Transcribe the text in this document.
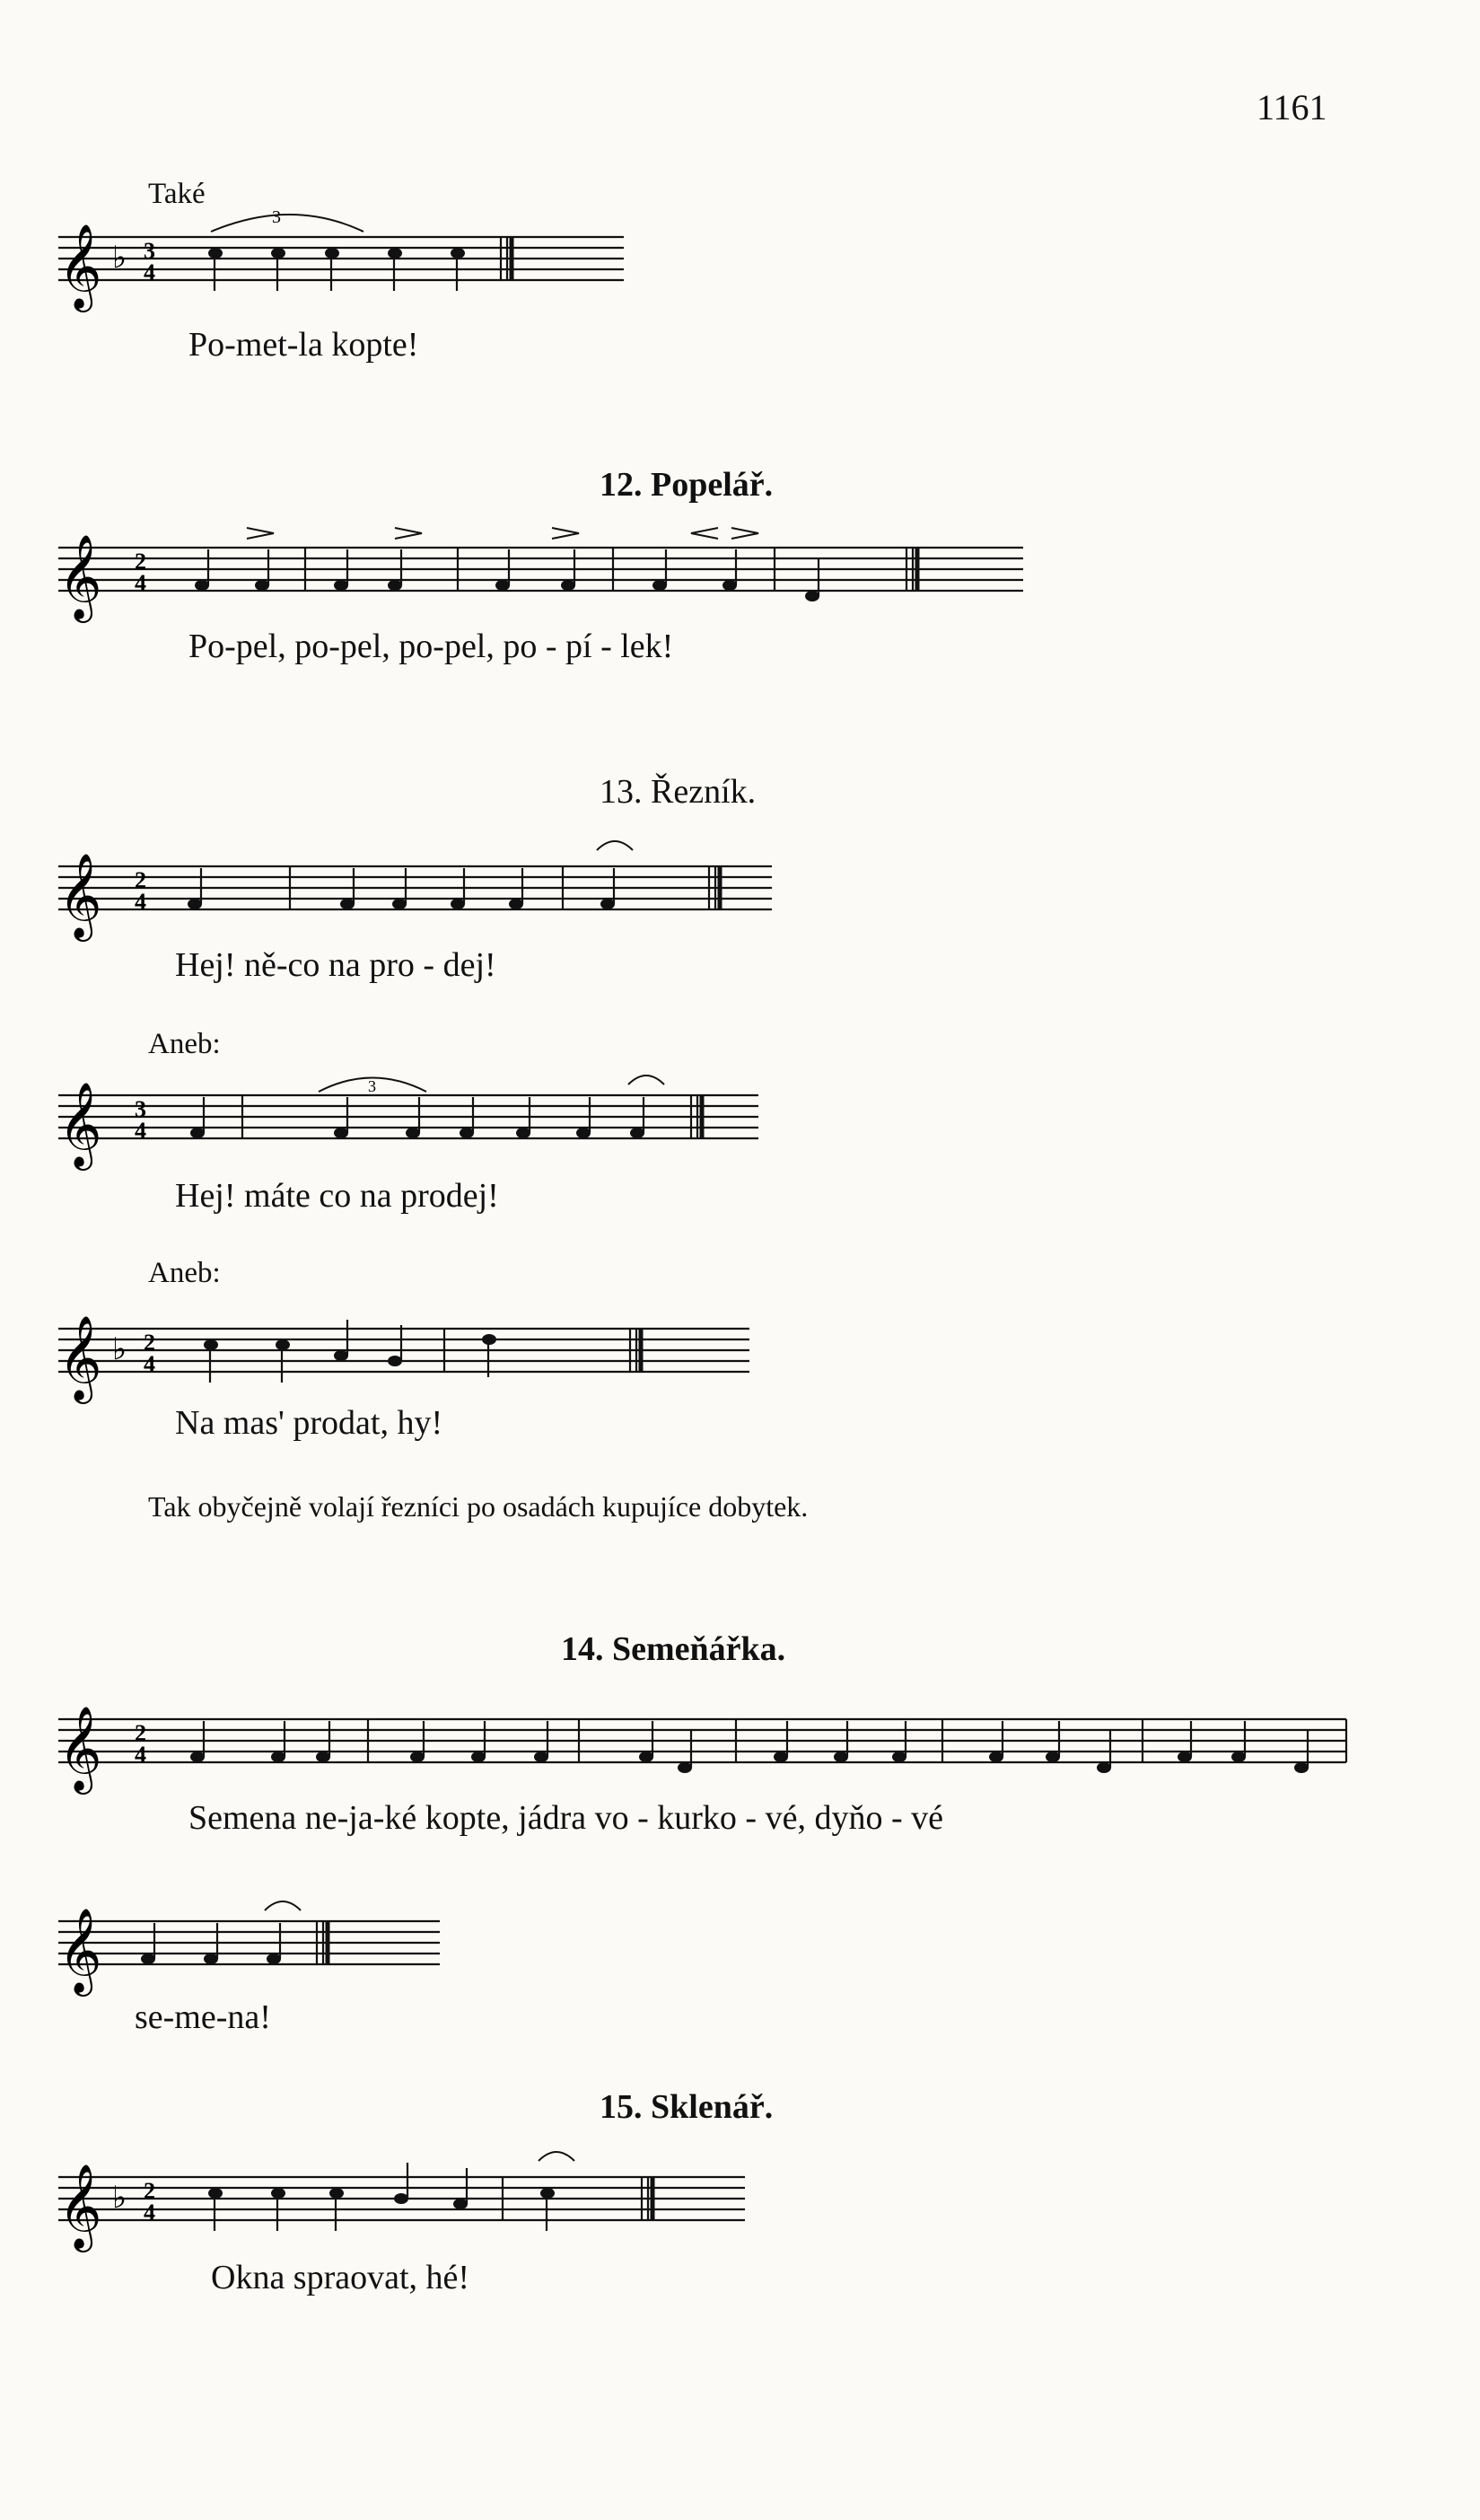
1161
Také
𝄞 ♭ 3
4
3
Po-met-la kopte!
12. Popelář.
𝄞 2
4
Po-pel, po-pel, po-pel, po - pí - lek!
13. Řezník.
𝄞 2
4
Hej! ně-co na pro - dej!
Aneb:
𝄞 3
4
3
Hej! máte co na prodej!
Aneb:
𝄞 ♭ 2
4
Na mas' prodat, hy!
Tak obyčejně volají řezníci po osadách kupujíce dobytek.
14. Semeňářka.
𝄞 2
4
Semena ne-ja-ké kopte, jádra vo - kurko - vé, dyňo - vé
𝄞
se-me-na!
15. Sklenář.
𝄞 ♭ 2
4
Okna spraovat, hé!
